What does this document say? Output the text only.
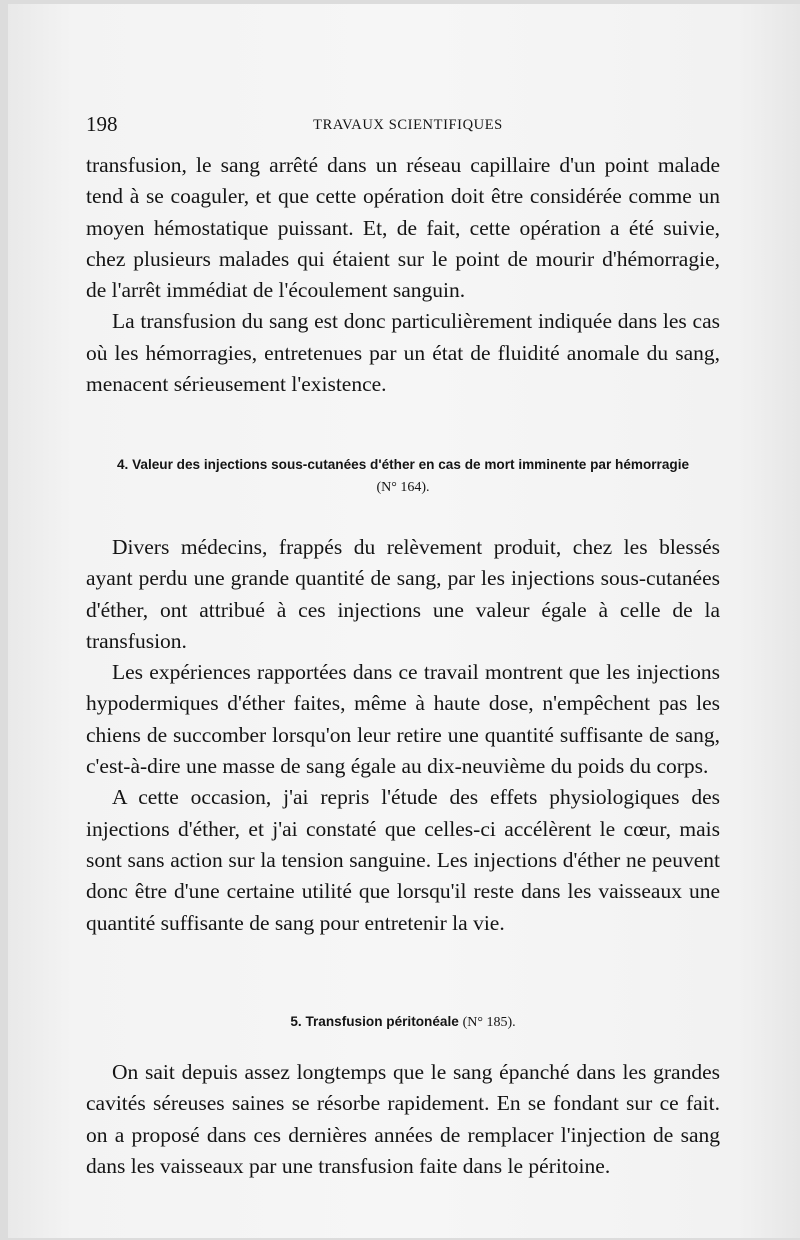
198	TRAVAUX SCIENTIFIQUES

transfusion, le sang arrêté dans un réseau capillaire d'un point malade tend à se coaguler, et que cette opération doit être considérée comme un moyen hémostatique puissant. Et, de fait, cette opération a été suivie, chez plusieurs malades qui étaient sur le point de mourir d'hémorragie, de l'arrêt immédiat de l'écoulement sanguin.

La transfusion du sang est donc particulièrement indiquée dans les cas où les hémorragies, entretenues par un état de fluidité anomale du sang, menacent sérieusement l'existence.

4. Valeur des injections sous-cutanées d'éther en cas de mort imminente par hémorragie
(N° 164).

Divers médecins, frappés du relèvement produit, chez les blessés ayant perdu une grande quantité de sang, par les injections sous-cutanées d'éther, ont attribué à ces injections une valeur égale à celle de la transfusion.

Les expériences rapportées dans ce travail montrent que les injections hypodermiques d'éther faites, même à haute dose, n'empêchent pas les chiens de succomber lorsqu'on leur retire une quantité suffisante de sang, c'est-à-dire une masse de sang égale au dix-neuvième du poids du corps.

A cette occasion, j'ai repris l'étude des effets physiologiques des injections d'éther, et j'ai constaté que celles-ci accélèrent le cœur, mais sont sans action sur la tension sanguine. Les injections d'éther ne peuvent donc être d'une certaine utilité que lorsqu'il reste dans les vaisseaux une quantité suffisante de sang pour entretenir la vie.

5. Transfusion péritonéale (N° 185).

On sait depuis assez longtemps que le sang épanché dans les grandes cavités séreuses saines se résorbe rapidement. En se fondant sur ce fait. on a proposé dans ces dernières années de remplacer l'injection de sang dans les vaisseaux par une transfusion faite dans le péritoine.
